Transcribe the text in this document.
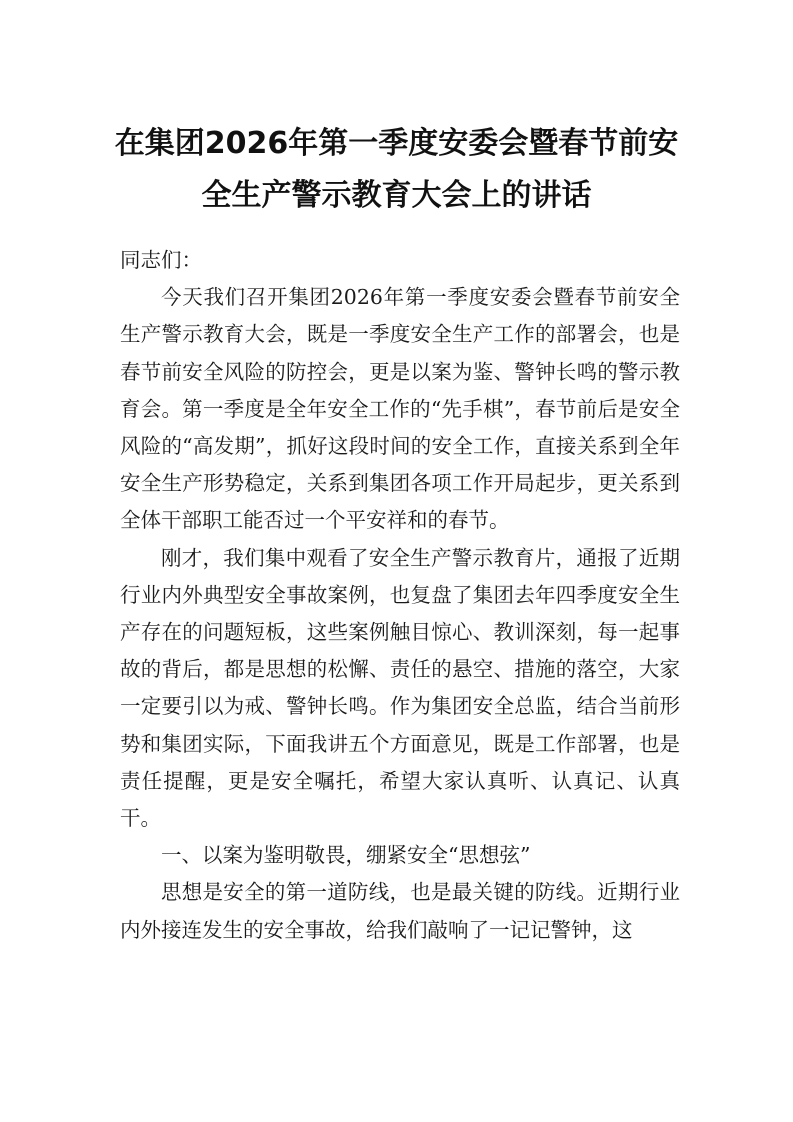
在集团2026年第一季度安委会暨春节前安全生产警示教育大会上的讲话

同志们：

今天我们召开集团2026年第一季度安委会暨春节前安全生产警示教育大会，既是一季度安全生产工作的部署会，也是春节前安全风险的防控会，更是以案为鉴、警钟长鸣的警示教育会。第一季度是全年安全工作的“先手棋”，春节前后是安全风险的“高发期”，抓好这段时间的安全工作，直接关系到全年安全生产形势稳定，关系到集团各项工作开局起步，更关系到全体干部职工能否过一个平安祥和的春节。

刚才，我们集中观看了安全生产警示教育片，通报了近期行业内外典型安全事故案例，也复盘了集团去年四季度安全生产存在的问题短板，这些案例触目惊心、教训深刻，每一起事故的背后，都是思想的松懈、责任的悬空、措施的落空，大家一定要引以为戒、警钟长鸣。作为集团安全总监，结合当前形势和集团实际，下面我讲五个方面意见，既是工作部署，也是责任提醒，更是安全嘱托，希望大家认真听、认真记、认真干。

一、以案为鉴明敬畏，绷紧安全“思想弦”

思想是安全的第一道防线，也是最关键的防线。近期行业内外接连发生的安全事故，给我们敲响了一记记警钟，这
